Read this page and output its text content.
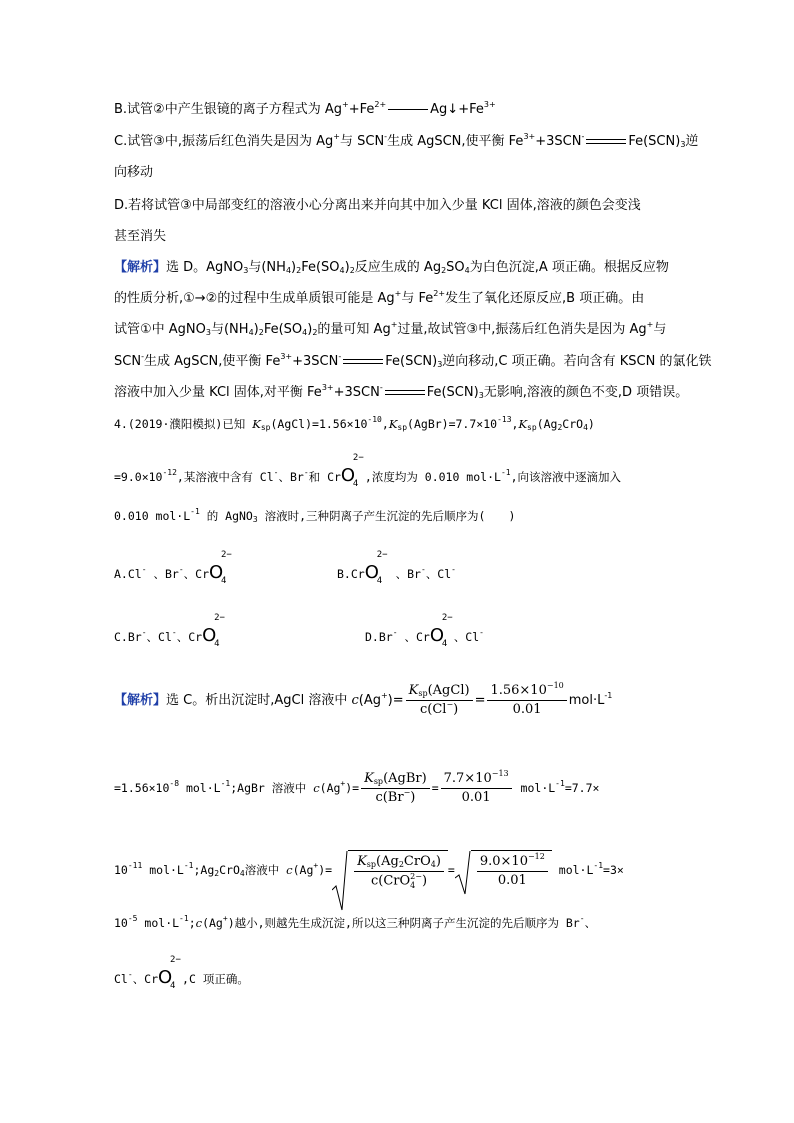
B.试管②中产生银镜的离子方程式为 $Ag^++Fe^{2+}$	$Ag↓+Fe^{3+}$
C.试管③中,振荡后红色消失是因为 Ag+与 SCN-生成 AgSCN,使平衡 $Fe^{3+}+3SCN^-$	$Fe(SCN)_3$逆
向移动
D.若将试管③中局部变红的溶液小心分离出来并向其中加入少量 KCl 固体,溶液的颜色会变浅
甚至消失
【解析】选 D。AgNO$_3$与$(NH_4)_2Fe(SO_4)_2$反应生成的 $Ag_2SO_4$为白色沉淀,A 项正确。根据反应物
的性质分析,①→②的过程中生成单质银可能是 Ag+与 $Fe^{2+}$发生了氧化还原反应,B 项正确。由
试管①中 AgNO$_3$与$(NH_4)_2Fe(SO_4)_2$的量可知 Ag+过量,故试管③中,振荡后红色消失是因为 Ag+与
SCN-生成 AgSCN,使平衡 $Fe^{3+}+3SCN^-$	$Fe(SCN)_3$逆向移动,C 项正确。若向含有 KSCN 的氯化铁
溶液中加入少量 KCl 固体,对平衡 $Fe^{3+}+3SCN^-$	$Fe(SCN)_3$无影响,溶液的颜色不变,D 项错误。
4.(2019·濮阳模拟)已知 $K_{sp}(AgCl)=1.56\times 10^{-10},K_{sp}(AgBr)=7.7\times 10^{-13},K_{sp}(Ag_2CrO_4)$
$=9.0\times 10^{-12}$,某溶液中含有 Cl-、Br-和 CrO
2−
4 ,浓度均为 0.010 $mol\cdot L^{-1}$,向该溶液中逐滴加入
0.010 $mol\cdot L^{-1}$ 的 AgNO$_3$ 溶液时,三种阴离子产生沉淀的先后顺序为(　　)
A.Cl- 、Br-、CrO
2−
4	B.CrO
2−
4 、Br-、Cl-
C.Br-、Cl-、CrO
2−
4	D.Br- 、CrO
2−
4 、Cl-
【解析】选 C。析出沉淀时,AgCl 溶液中 $c(Ag^+)= \frac{K_{sp}(AgCl)}{c(Cl^-)} = \frac{1.56\times 10^{-10}}{0.01} mol\cdot L^{-1}$
$=1.56\times 10^{-8}$ $mol\cdot L^{-1};AgBr$ 溶液中 $c(Ag^+)= \frac{K_{sp}(AgBr)}{c(Br^-)} = \frac{7.7\times 10^{-13}}{0.01} mol\cdot L^{-1}=7.7\times$
$10^{-11}$ $mol\cdot L^{-1};Ag_2CrO_4$溶液中 $c(Ag^+)= K_{sp}(Ag_2CrO_4)$
c(CrO 2−
4 ) = $\frac{9.0\times 10^{-12}}{0.01} mol\cdot L^{-1}=3\times$
$10^{-5}$ $mol\cdot L^{-1};c(Ag^+)$越小,则越先生成沉淀,所以这三种阴离子产生沉淀的先后顺序为 Br-、
Cl-、CrO
2−
4 ,C 项正确。
